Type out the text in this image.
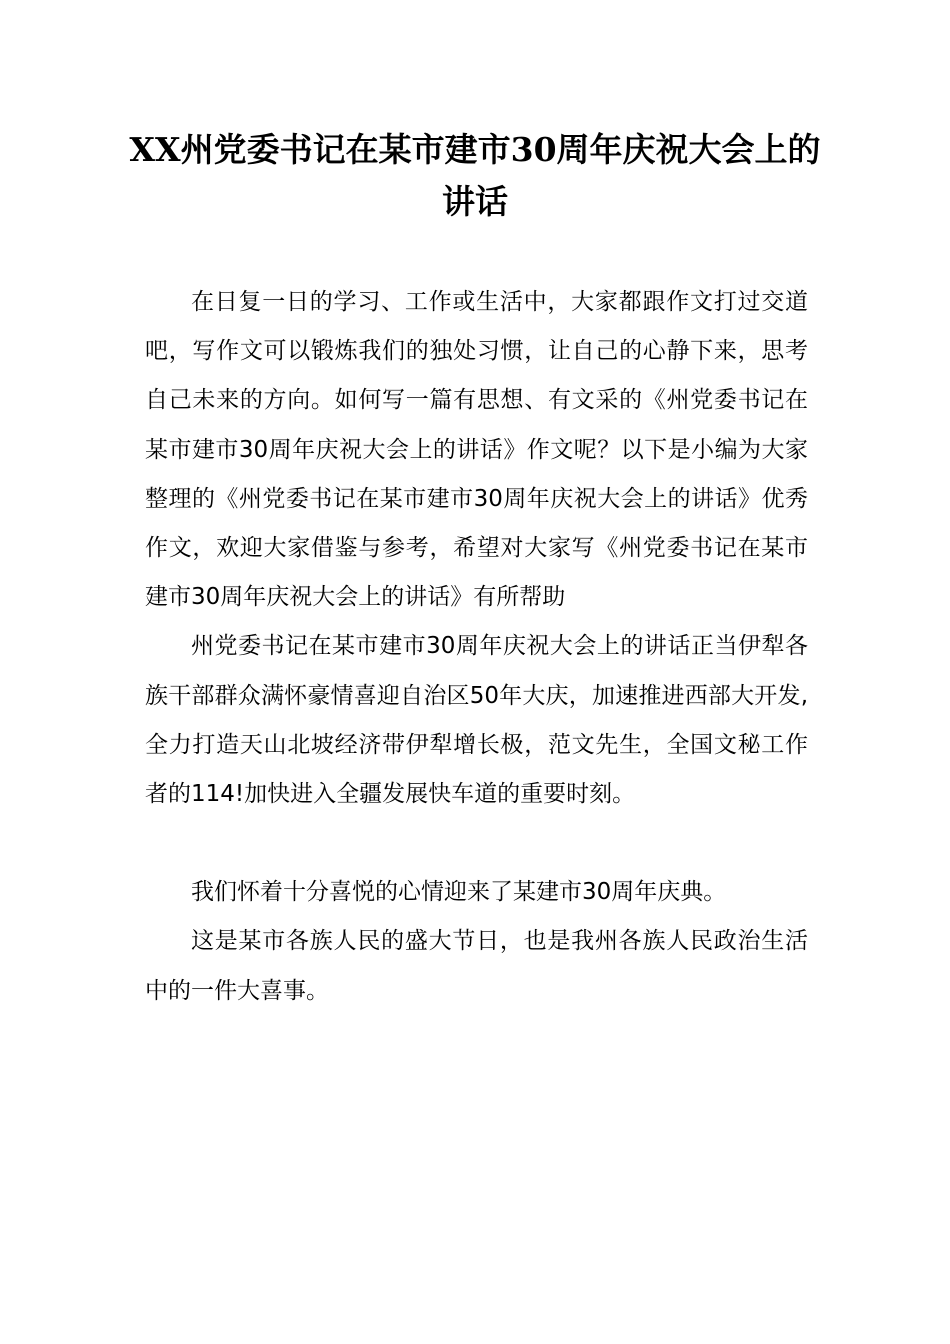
XX州党委书记在某市建市30周年庆祝大会上的讲话

在日复一日的学习、工作或生活中，大家都跟作文打过交道吧，写作文可以锻炼我们的独处习惯，让自己的心静下来，思考自己未来的方向。如何写一篇有思想、有文采的《州党委书记在某市建市30周年庆祝大会上的讲话》作文呢？以下是小编为大家整理的《州党委书记在某市建市30周年庆祝大会上的讲话》优秀作文，欢迎大家借鉴与参考，希望对大家写《州党委书记在某市建市30周年庆祝大会上的讲话》有所帮助

州党委书记在某市建市30周年庆祝大会上的讲话正当伊犁各族干部群众满怀豪情喜迎自治区50年大庆，加速推进西部大开发,全力打造天山北坡经济带伊犁增长极，范文先生，全国文秘工作者的114!加快进入全疆发展快车道的重要时刻。

我们怀着十分喜悦的心情迎来了某建市30周年庆典。

这是某市各族人民的盛大节日，也是我州各族人民政治生活中的一件大喜事。
